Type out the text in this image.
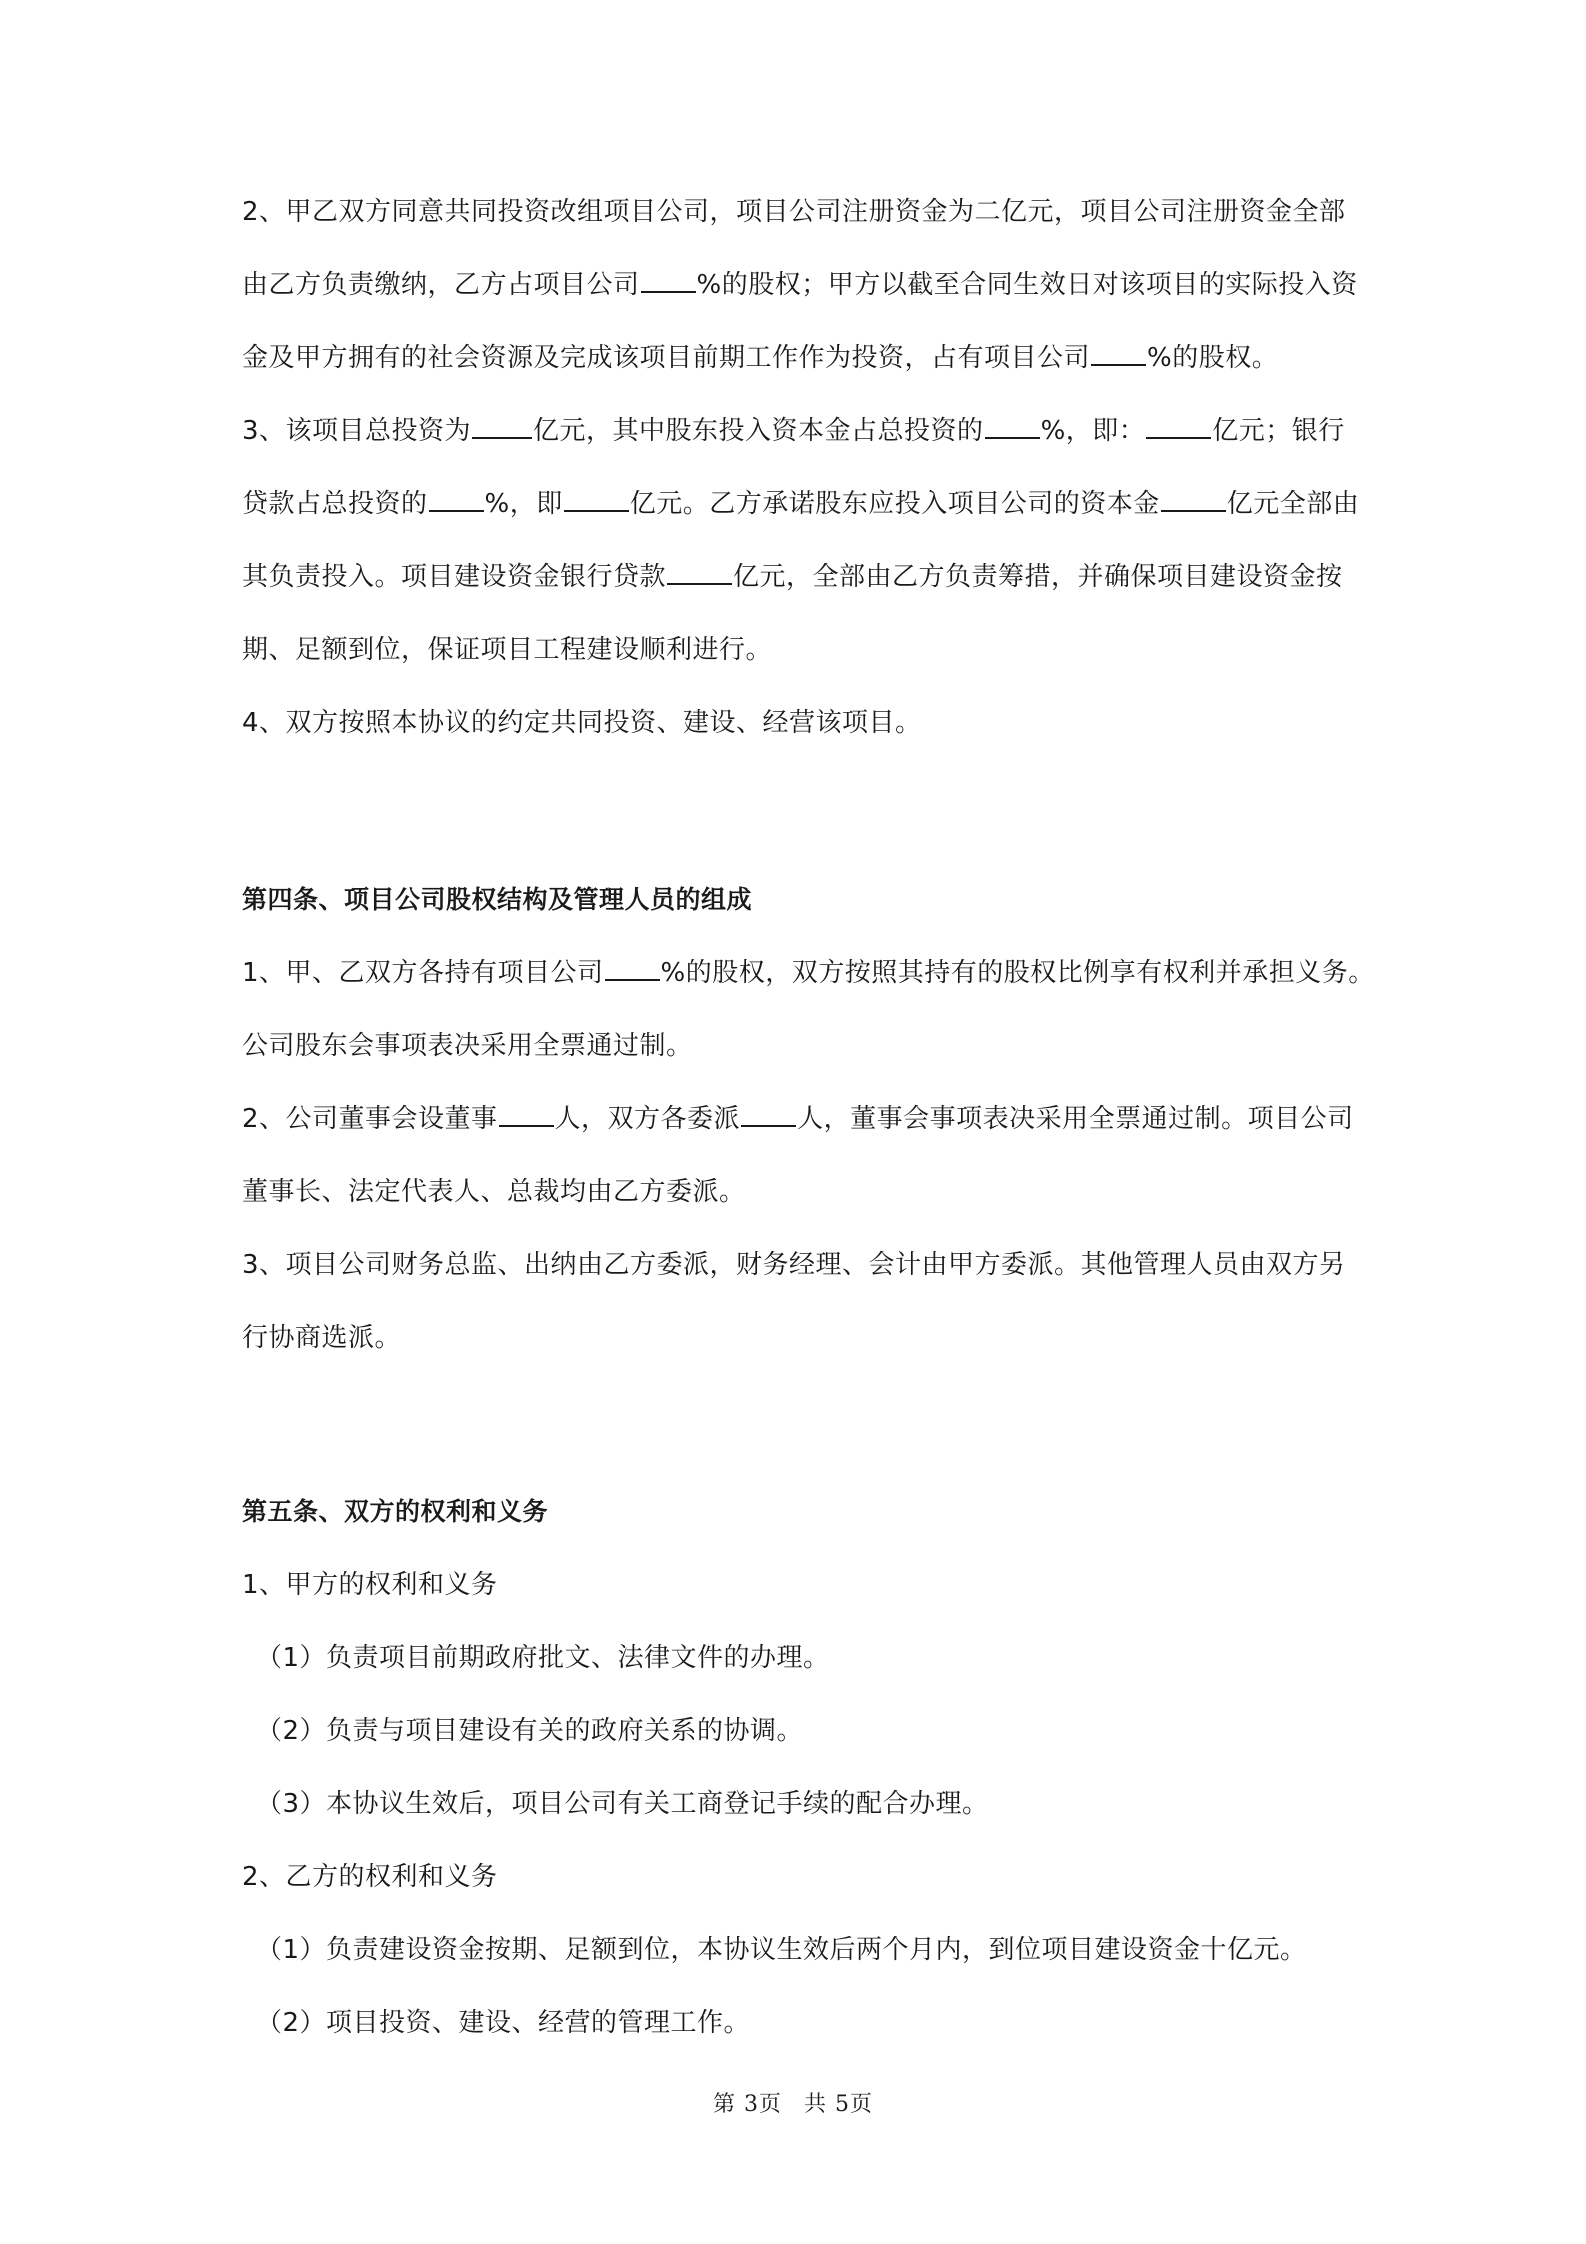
2、甲乙双方同意共同投资改组项目公司，项目公司注册资金为二亿元，项目公司注册资金全部
由乙方负责缴纳，乙方占项目公司 %的股权；甲方以截至合同生效日对该项目的实际投入资
金及甲方拥有的社会资源及完成该项目前期工作作为投资，占有项目公司 %的股权。
3、该项目总投资为 亿元，其中股东投入资本金占总投资的 %，即：	亿元；银行
贷款占总投资的 %，即	亿元。乙方承诺股东应投入项目公司的资本金	亿元全部由
其负责投入。项目建设资金银行贷款	亿元，全部由乙方负责筹措，并确保项目建设资金按
期、足额到位，保证项目工程建设顺利进行。
4、双方按照本协议的约定共同投资、建设、经营该项目。
第四条、项目公司股权结构及管理人员的组成
1、甲、乙双方各持有项目公司 %的股权，双方按照其持有的股权比例享有权利并承担义务。
公司股东会事项表决采用全票通过制。
2、公司董事会设董事 人，双方各委派 人，董事会事项表决采用全票通过制。项目公司
董事长、法定代表人、总裁均由乙方委派。
3、项目公司财务总监、出纳由乙方委派，财务经理、会计由甲方委派。其他管理人员由双方另
行协商选派。
第五条、双方的权利和义务
1、甲方的权利和义务
（1）负责项目前期政府批文、法律文件的办理。
（2）负责与项目建设有关的政府关系的协调。
（3）本协议生效后，项目公司有关工商登记手续的配合办理。
2、乙方的权利和义务
（1）负责建设资金按期、足额到位，本协议生效后两个月内，到位项目建设资金十亿元。
（2）项目投资、建设、经营的管理工作。
第 3页 共 5页
